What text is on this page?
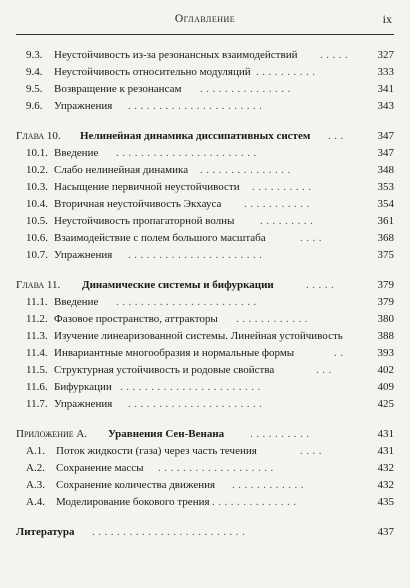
Оглавление	ix
9.3. Неустойчивость из-за резонансных взаимодействий .....	327
9.4. Неустойчивость относительно модуляций ..........	333
9.5. Возвращение к резонансам ...............	341
9.6. Упражнения ......................	343
Глава 10. Нелинейная динамика диссипативных систем ...	347
10.1. Введение .......................	347
10.2. Слабо нелинейная динамика ...............	348
10.3. Насыщение первичной неустойчивости ..........	353
10.4. Вторичная неустойчивость Экхауса ...........	354
10.5. Неустойчивость пропагаторной волны .........	361
10.6. Взаимодействие с полем большого масштаба	....	368
10.7. Упражнения ......................	375
Глава 11. Динамические системы и бифуркации	.....	379
11.1. Введение .......................	379
11.2. Фазовое пространство, аттракторы ............	380
11.3. Изучение линеаризованной системы. Линейная устойчивость	388
11.4. Инвариантные многообразия и нормальные формы	..	393
11.5. Структурная устойчивость и родовые свойства	...	402
11.6. Бифуркации .......................	409
11.7. Упражнения ......................	425
Приложение А. Уравнения Сен-Венана ..........	431
А.1. Поток жидкости (газа) через часть течения	....	431
А.2. Сохранение массы ...................	432
А.3. Сохранение количества движения ............	432
А.4. Моделирование бокового трения ..............	435
Литература .........................	437
